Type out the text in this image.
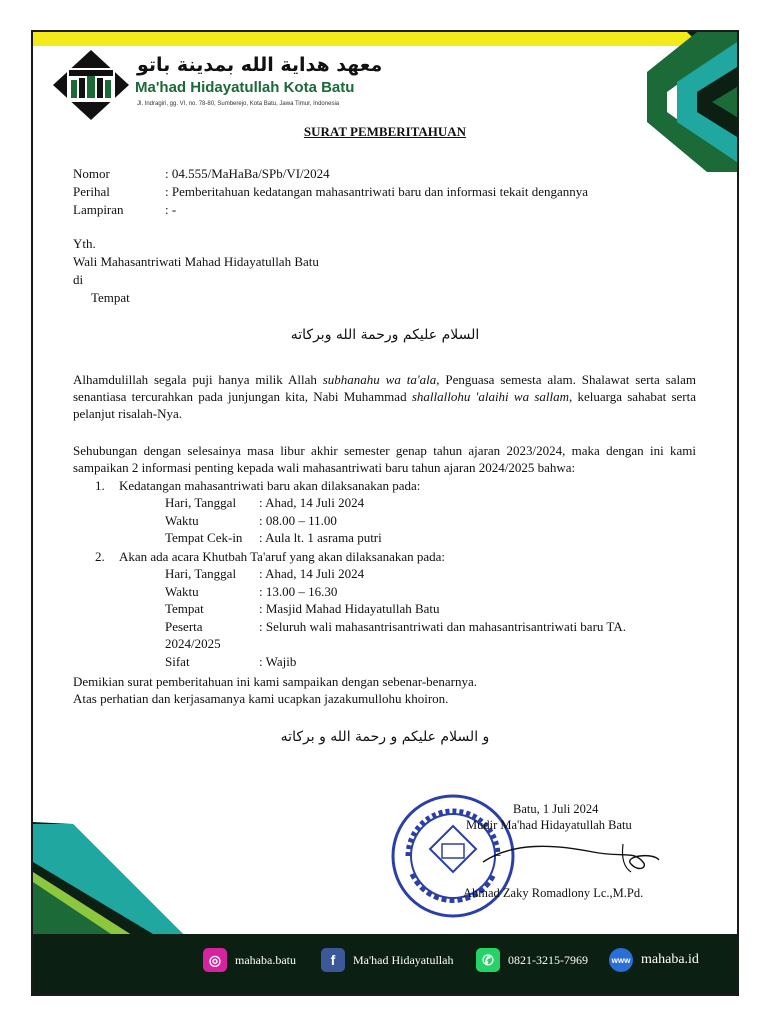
معهد هداية الله بمدينة باتو
Ma'had Hidayatullah Kota Batu
Jl. Indragiri, gg. VI, no. 78-80, Sumberejo, Kota Batu, Jawa Timur, Indonesia
SURAT PEMBERITAHUAN
Nomor	: 04.555/MaHaBa/SPb/VI/2024
Perihal	: Pemberitahuan kedatangan mahasantriwati baru dan informasi tekait dengannya
Lampiran	: -
Yth.
Wali Mahasantriwati Mahad Hidayatullah Batu
di
Tempat
السلام عليكم ورحمة الله وبركاته
Alhamdulillah segala puji hanya milik Allah subhanahu wa ta'ala, Penguasa semesta alam. Shalawat serta salam senantiasa tercurahkan pada junjungan kita, Nabi Muhammad shallallohu 'alaihi wa sallam, keluarga sahabat serta pelanjut risalah-Nya.
Sehubungan dengan selesainya masa libur akhir semester genap tahun ajaran 2023/2024, maka dengan ini kami sampaikan 2 informasi penting kepada wali mahasantriwati baru tahun ajaran 2024/2025 bahwa:
1. Kedatangan mahasantriwati baru akan dilaksanakan pada:
Hari, Tanggal : Ahad, 14 Juli 2024
Waktu	: 08.00 – 11.00
Tempat Cek-in : Aula lt. 1 asrama putri
2. Akan ada acara Khutbah Ta'aruf yang akan dilaksanakan pada:
Hari, Tanggal : Ahad, 14 Juli 2024
Waktu	: 13.00 – 16.30
Tempat	: Masjid Mahad Hidayatullah Batu
Peserta	: Seluruh wali mahasantrisantriwati dan mahasantrisantriwati baru TA.
2024/2025
Sifat	: Wajib
Demikian surat pemberitahuan ini kami sampaikan dengan sebenar-benarnya.
Atas perhatian dan kerjasamanya kami ucapkan jazakumullohu khoiron.
و السلام عليكم و رحمة الله و بركاته
Batu, 1 Juli 2024
Mudir Ma'had Hidayatullah Batu
Ahmad Zaky Romadlony Lc.,M.Pd.
◎	mahaba.batu	f	Ma'had Hidayatullah	✆	0821-3215-7969	www mahaba.id
